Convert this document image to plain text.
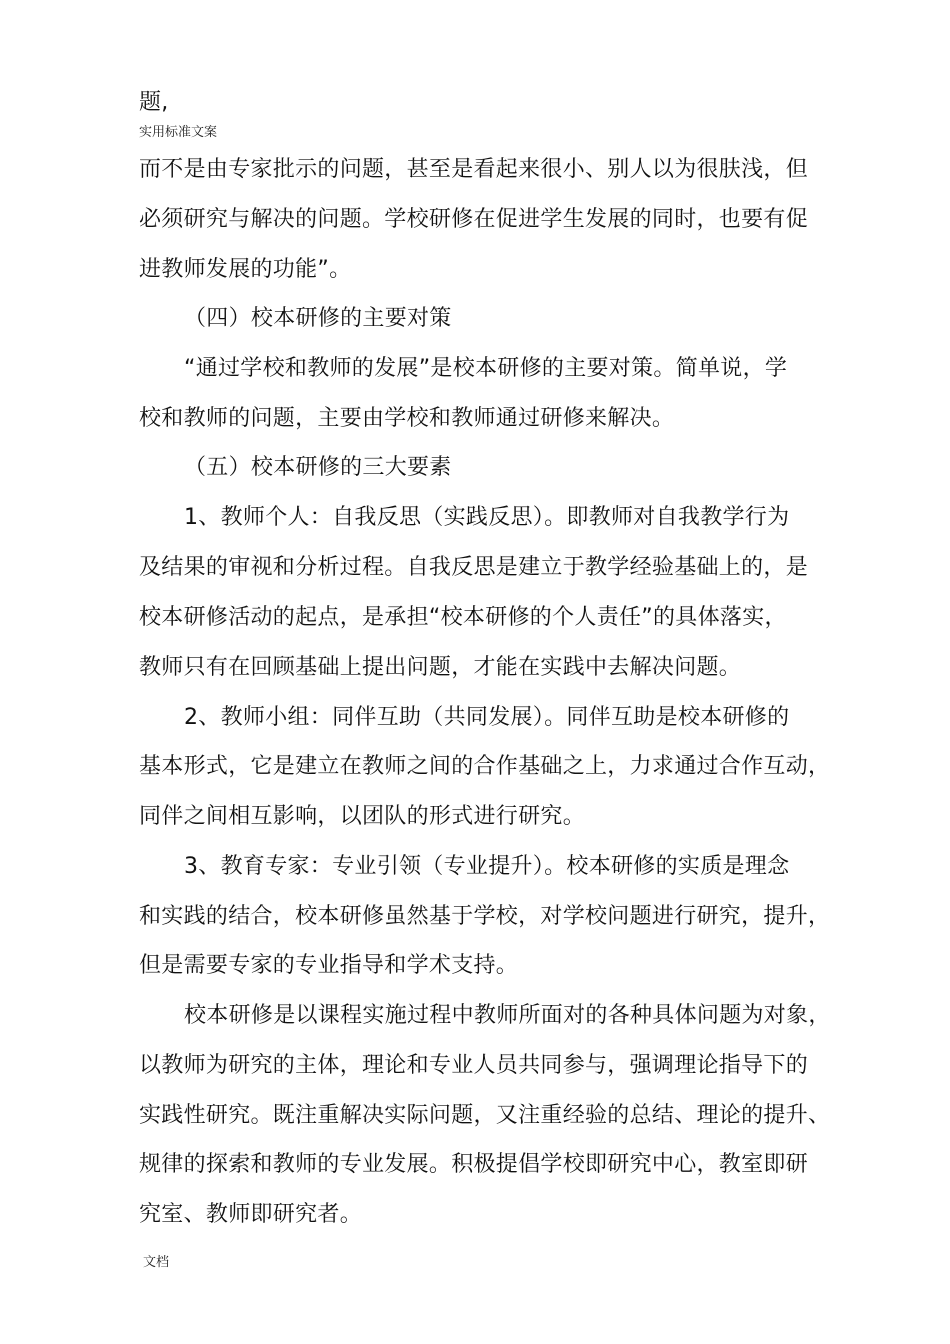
题,
实用标准文案
而不是由专家批示的问题，甚至是看起来很小、别人以为很肤浅，但
必须研究与解决的问题。学校研修在促进学生发展的同时，也要有促
进教师发展的功能”。
（四）校本研修的主要对策
“通过学校和教师的发展”是校本研修的主要对策。简单说，学
校和教师的问题，主要由学校和教师通过研修来解决。
（五）校本研修的三大要素
1、教师个人：自我反思（实践反思）。即教师对自我教学行为
及结果的审视和分析过程。自我反思是建立于教学经验基础上的，是
校本研修活动的起点，是承担“校本研修的个人责任”的具体落实，
教师只有在回顾基础上提出问题，才能在实践中去解决问题。
2、教师小组：同伴互助（共同发展）。同伴互助是校本研修的
基本形式，它是建立在教师之间的合作基础之上，力求通过合作互动，
同伴之间相互影响，以团队的形式进行研究。
3、教育专家：专业引领（专业提升）。校本研修的实质是理念
和实践的结合，校本研修虽然基于学校，对学校问题进行研究，提升，
但是需要专家的专业指导和学术支持。
校本研修是以课程实施过程中教师所面对的各种具体问题为对象，
以教师为研究的主体，理论和专业人员共同参与，强调理论指导下的
实践性研究。既注重解决实际问题，又注重经验的总结、理论的提升、
规律的探索和教师的专业发展。积极提倡学校即研究中心，教室即研
究室、教师即研究者。
文档
